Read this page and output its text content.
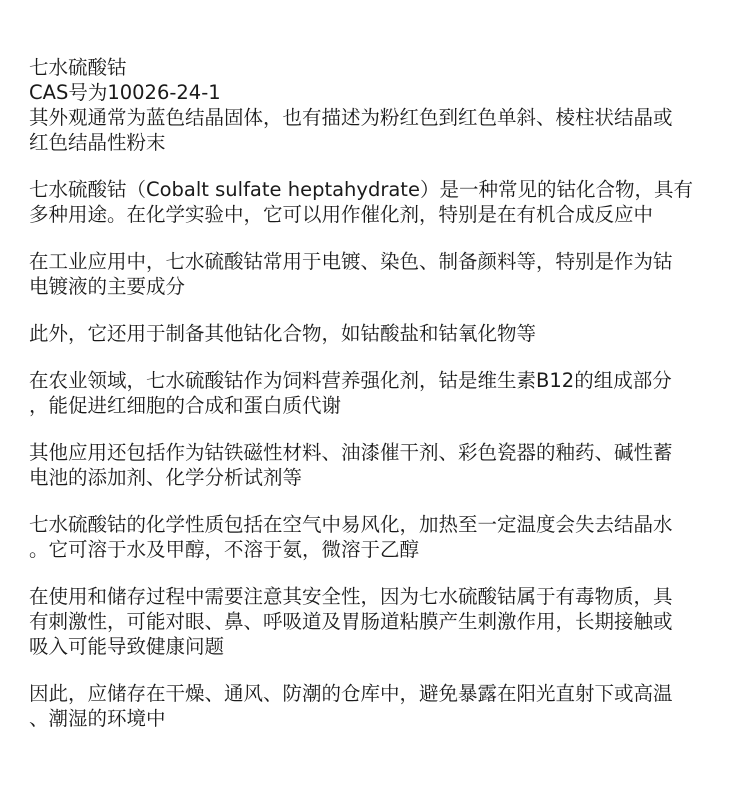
七水硫酸钴
CAS号为10026-24-1
其外观通常为蓝色结晶固体，也有描述为粉红色到红色单斜、棱柱状结晶或
红色结晶性粉末
七水硫酸钴（Cobalt sulfate heptahydrate）是一种常见的钴化合物，具有
多种用途。在化学实验中，它可以用作催化剂，特别是在有机合成反应中
在工业应用中，七水硫酸钴常用于电镀、染色、制备颜料等，特别是作为钴
电镀液的主要成分
此外，它还用于制备其他钴化合物，如钴酸盐和钴氧化物等
在农业领域，七水硫酸钴作为饲料营养强化剂，钴是维生素B12的组成部分
，能促进红细胞的合成和蛋白质代谢
其他应用还包括作为钴铁磁性材料、油漆催干剂、彩色瓷器的釉药、碱性蓄
电池的添加剂、化学分析试剂等
七水硫酸钴的化学性质包括在空气中易风化，加热至一定温度会失去结晶水
。它可溶于水及甲醇，不溶于氨，微溶于乙醇
在使用和储存过程中需要注意其安全性，因为七水硫酸钴属于有毒物质，具
有刺激性，可能对眼、鼻、呼吸道及胃肠道粘膜产生刺激作用，长期接触或
吸入可能导致健康问题
因此，应储存在干燥、通风、防潮的仓库中，避免暴露在阳光直射下或高温
、潮湿的环境中
